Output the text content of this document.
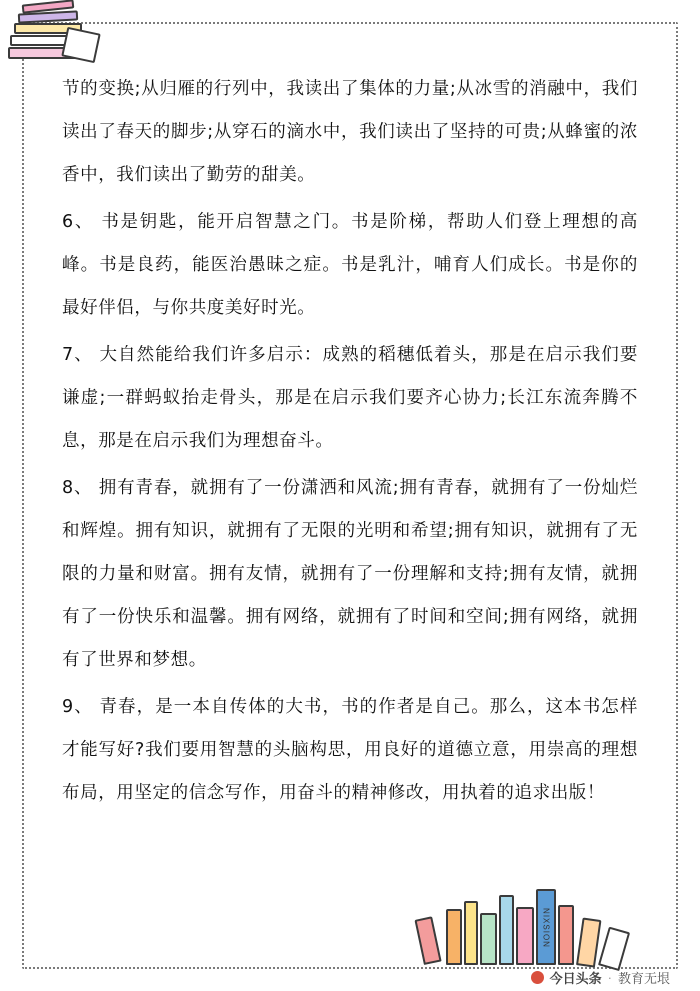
节的变换;从归雁的行列中，我读出了集体的力量;从冰雪的消融中，我们读出了春天的脚步;从穿石的滴水中，我们读出了坚持的可贵;从蜂蜜的浓香中，我们读出了勤劳的甜美。

6、 书是钥匙，能开启智慧之门。书是阶梯，帮助人们登上理想的高峰。书是良药，能医治愚昧之症。书是乳汁，哺育人们成长。书是你的最好伴侣，与你共度美好时光。

7、 大自然能给我们许多启示：成熟的稻穗低着头，那是在启示我们要谦虚;一群蚂蚁抬走骨头，那是在启示我们要齐心协力;长江东流奔腾不息，那是在启示我们为理想奋斗。

8、 拥有青春，就拥有了一份潇洒和风流;拥有青春，就拥有了一份灿烂和辉煌。拥有知识，就拥有了无限的光明和希望;拥有知识，就拥有了无限的力量和财富。拥有友情，就拥有了一份理解和支持;拥有友情，就拥有了一份快乐和温馨。拥有网络，就拥有了时间和空间;拥有网络，就拥有了世界和梦想。

9、 青春，是一本自传体的大书，书的作者是自己。那么，这本书怎样才能写好?我们要用智慧的头脑构思，用良好的道德立意，用崇高的理想布局，用坚定的信念写作，用奋斗的精神修改，用执着的追求出版！

NIXSION
今日头条 · 教育无垠
